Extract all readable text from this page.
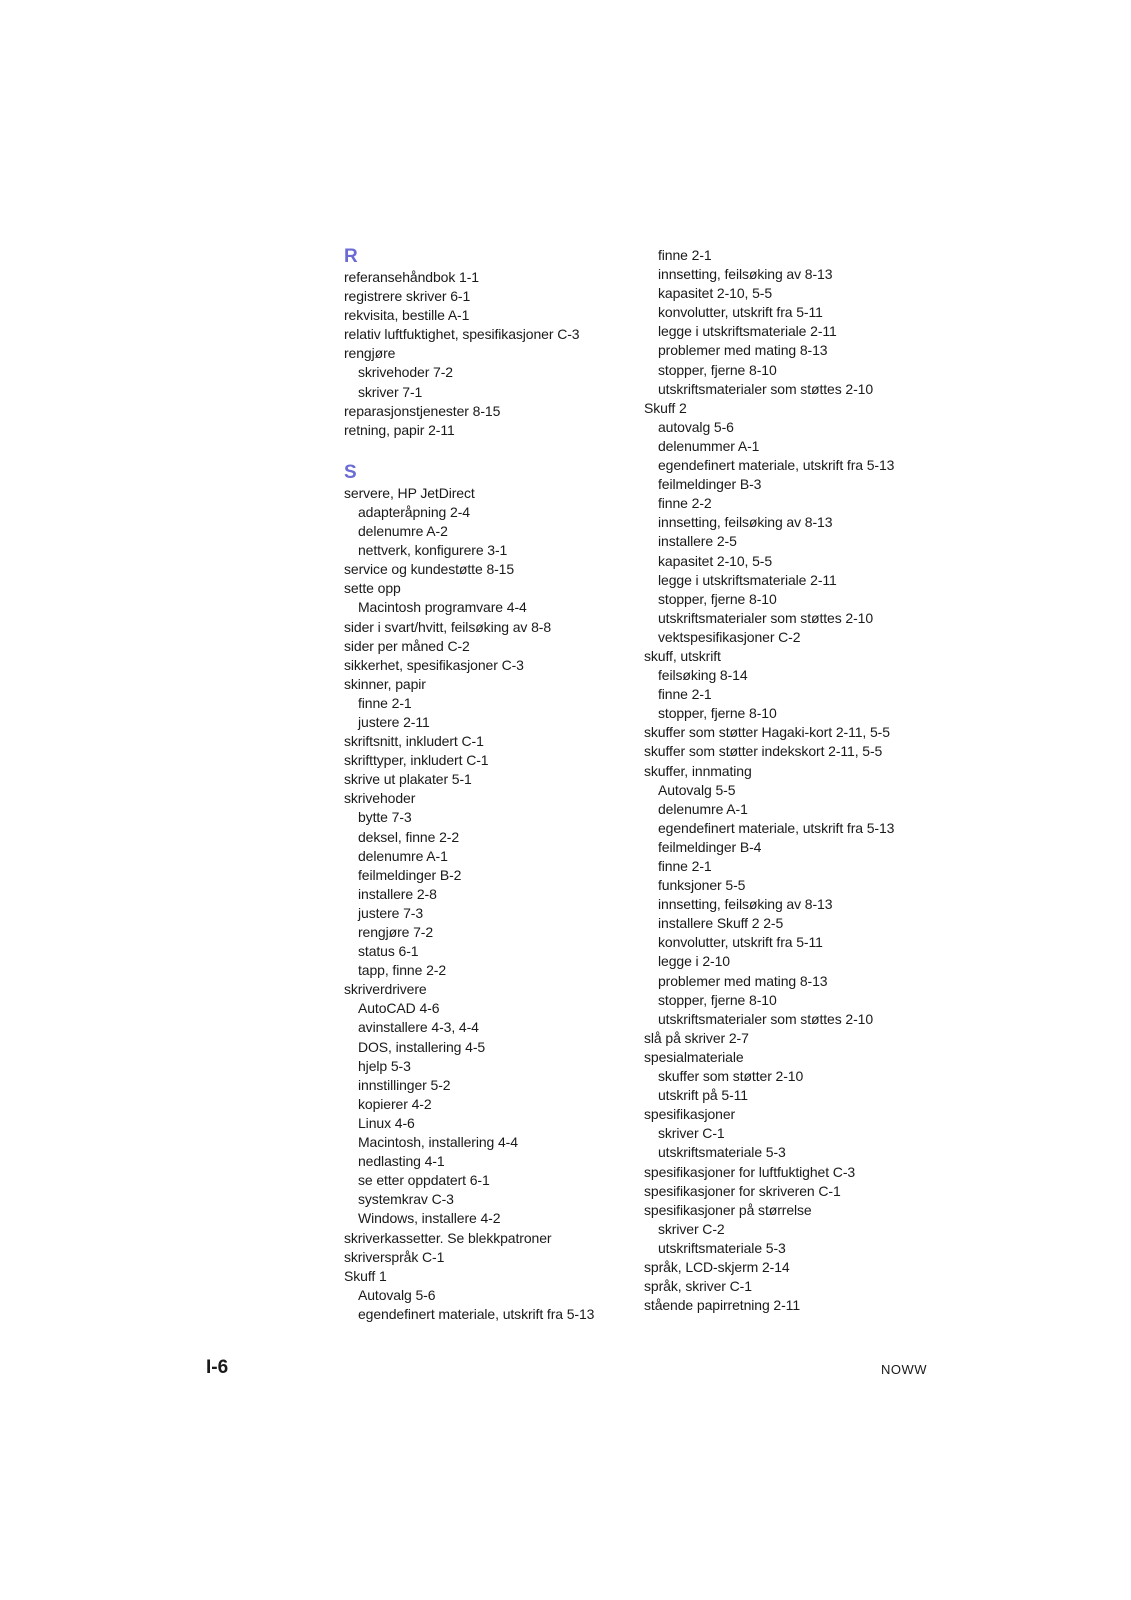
R
referansehåndbok 1-1
registrere skriver 6-1
rekvisita, bestille A-1
relativ luftfuktighet, spesifikasjoner C-3
rengjøre
skrivehoder 7-2
skriver 7-1
reparasjonstjenester 8-15
retning, papir 2-11
S
servere, HP JetDirect
adapteråpning 2-4
delenumre A-2
nettverk, konfigurere 3-1
service og kundestøtte 8-15
sette opp
Macintosh programvare 4-4
sider i svart/hvitt, feilsøking av 8-8
sider per måned C-2
sikkerhet, spesifikasjoner C-3
skinner, papir
finne 2-1
justere 2-11
skriftsnitt, inkludert C-1
skrifttyper, inkludert C-1
skrive ut plakater 5-1
skrivehoder
bytte 7-3
deksel, finne 2-2
delenumre A-1
feilmeldinger B-2
installere 2-8
justere 7-3
rengjøre 7-2
status 6-1
tapp, finne 2-2
skriverdrivere
AutoCAD 4-6
avinstallere 4-3, 4-4
DOS, installering 4-5
hjelp 5-3
innstillinger 5-2
kopierer 4-2
Linux 4-6
Macintosh, installering 4-4
nedlasting 4-1
se etter oppdatert 6-1
systemkrav C-3
Windows, installere 4-2
skriverkassetter. Se blekkpatroner
skriverspråk C-1
Skuff 1
Autovalg 5-6
egendefinert materiale, utskrift fra 5-13
finne 2-1
innsetting, feilsøking av 8-13
kapasitet 2-10, 5-5
konvolutter, utskrift fra 5-11
legge i utskriftsmateriale 2-11
problemer med mating 8-13
stopper, fjerne 8-10
utskriftsmaterialer som støttes 2-10
Skuff 2
autovalg 5-6
delenummer A-1
egendefinert materiale, utskrift fra 5-13
feilmeldinger B-3
finne 2-2
innsetting, feilsøking av 8-13
installere 2-5
kapasitet 2-10, 5-5
legge i utskriftsmateriale 2-11
stopper, fjerne 8-10
utskriftsmaterialer som støttes 2-10
vektspesifikasjoner C-2
skuff, utskrift
feilsøking 8-14
finne 2-1
stopper, fjerne 8-10
skuffer som støtter Hagaki-kort 2-11, 5-5
skuffer som støtter indekskort 2-11, 5-5
skuffer, innmating
Autovalg 5-5
delenumre A-1
egendefinert materiale, utskrift fra 5-13
feilmeldinger B-4
finne 2-1
funksjoner 5-5
innsetting, feilsøking av 8-13
installere Skuff 2 2-5
konvolutter, utskrift fra 5-11
legge i 2-10
problemer med mating 8-13
stopper, fjerne 8-10
utskriftsmaterialer som støttes 2-10
slå på skriver 2-7
spesialmateriale
skuffer som støtter 2-10
utskrift på 5-11
spesifikasjoner
skriver C-1
utskriftsmateriale 5-3
spesifikasjoner for luftfuktighet C-3
spesifikasjoner for skriveren C-1
spesifikasjoner på størrelse
skriver C-2
utskriftsmateriale 5-3
språk, LCD-skjerm 2-14
språk, skriver C-1
stående papirretning 2-11
I-6	NOWW
